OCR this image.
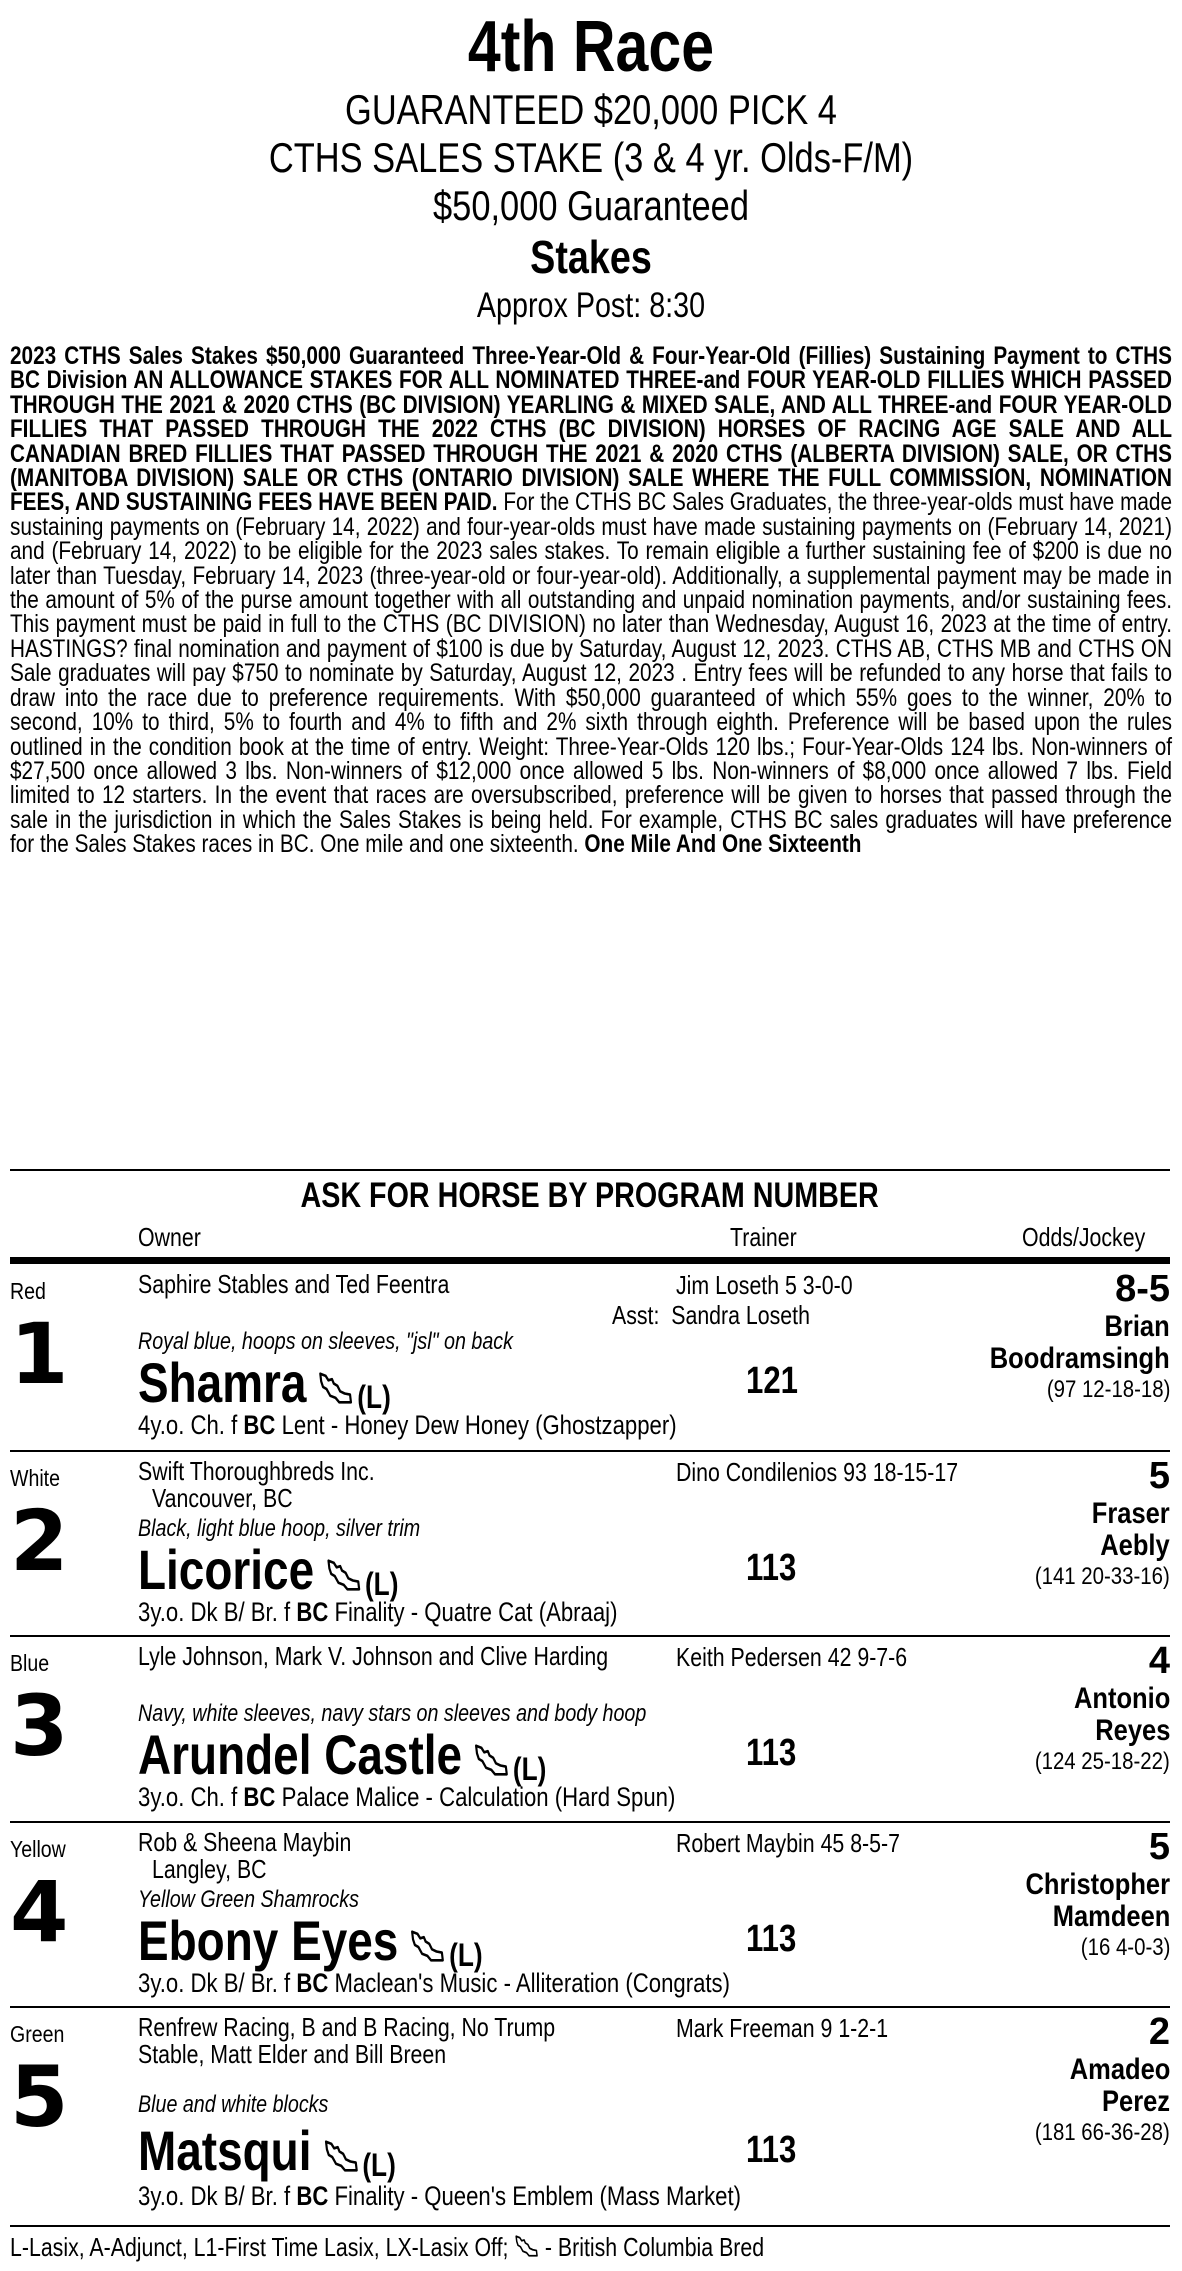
4th Race
GUARANTEED $20,000 PICK 4
CTHS SALES STAKE (3 & 4 yr. Olds-F/M)
$50,000 Guaranteed
Stakes
Approx Post: 8:30
2023 CTHS Sales Stakes $50,000 Guaranteed Three-Year-Old & Four-Year-Old (Fillies) Sustaining Payment to CTHS BC Division AN ALLOWANCE STAKES FOR ALL NOMINATED THREE-and FOUR YEAR-OLD FILLIES WHICH PASSED THROUGH THE 2021 & 2020 CTHS (BC DIVISION) YEARLING & MIXED SALE, AND ALL THREE-and FOUR YEAR-OLD FILLIES THAT PASSED THROUGH THE 2022 CTHS (BC DIVISION) HORSES OF RACING AGE SALE AND ALL CANADIAN BRED FILLIES THAT PASSED THROUGH THE 2021 & 2020 CTHS (ALBERTA DIVISION) SALE, OR CTHS (MANITOBA DIVISION) SALE OR CTHS (ONTARIO DIVISION) SALE WHERE THE FULL COMMISSION, NOMINATION FEES, AND SUSTAINING FEES HAVE BEEN PAID. For the CTHS BC Sales Graduates, the three-year-olds must have made sustaining payments on (February 14, 2022) and four-year-olds must have made sustaining payments on (February 14, 2021) and (February 14, 2022) to be eligible for the 2023 sales stakes. To remain eligible a further sustaining fee of $200 is due no later than Tuesday, February 14, 2023 (three-year-old or four-year-old). Additionally, a supplemental payment may be made in the amount of 5% of the purse amount together with all outstanding and unpaid nomination payments, and/or sustaining fees. This payment must be paid in full to the CTHS (BC DIVISION) no later than Wednesday, August 16, 2023 at the time of entry. HASTINGS? final nomination and payment of $100 is due by Saturday, August 12, 2023. CTHS AB, CTHS MB and CTHS ON Sale graduates will pay $750 to nominate by Saturday, August 12, 2023 . Entry fees will be refunded to any horse that fails to draw into the race due to preference requirements. With $50,000 guaranteed of which 55% goes to the winner, 20% to second, 10% to third, 5% to fourth and 4% to fifth and 2% sixth through eighth. Preference will be based upon the rules outlined in the condition book at the time of entry. Weight: Three-Year-Olds 120 lbs.; Four-Year-Olds 124 lbs. Non-winners of $27,500 once allowed 3 lbs. Non-winners of $12,000 once allowed 5 lbs. Non-winners of $8,000 once allowed 7 lbs. Field limited to 12 starters. In the event that races are oversubscribed, preference will be given to horses that passed through the sale in the jurisdiction in which the Sales Stakes is being held. For example, CTHS BC sales graduates will have preference for the Sales Stakes races in BC. One mile and one sixteenth. One Mile And One Sixteenth
ASK FOR HORSE BY PROGRAM NUMBER
Owner	Trainer	Odds/Jockey
Red
1
Saphire Stables and Ted Feentra
Royal blue, hoops on sleeves, "jsl" on back
Shamra (L)
4y.o. Ch. f BC Lent - Honey Dew Honey (Ghostzapper)
Jim Loseth 5 3-0-0
Asst: Sandra Loseth
121
8-5
Brian
Boodramsingh
(97 12-18-18)
White
2
Swift Thoroughbreds Inc.
Vancouver, BC
Black, light blue hoop, silver trim
Licorice (L)
3y.o. Dk B/ Br. f BC Finality - Quatre Cat (Abraaj)
Dino Condilenios 93 18-15-17
113
5
Fraser
Aebly
(141 20-33-16)
Blue
3
Lyle Johnson, Mark V. Johnson and Clive Harding
Navy, white sleeves, navy stars on sleeves and body hoop
Arundel Castle (L)
3y.o. Ch. f BC Palace Malice - Calculation (Hard Spun)
Keith Pedersen 42 9-7-6
113
4
Antonio
Reyes
(124 25-18-22)
Yellow
4
Rob & Sheena Maybin
Langley, BC
Yellow Green Shamrocks
Ebony Eyes (L)
3y.o. Dk B/ Br. f BC Maclean's Music - Alliteration (Congrats)
Robert Maybin 45 8-5-7
113
5
Christopher
Mamdeen
(16 4-0-3)
Green
5
Renfrew Racing, B and B Racing, No Trump
Stable, Matt Elder and Bill Breen
Blue and white blocks
Matsqui (L)
3y.o. Dk B/ Br. f BC Finality - Queen's Emblem (Mass Market)
Mark Freeman 9 1-2-1
113
2
Amadeo
Perez
(181 66-36-28)
L-Lasix, A-Adjunct, L1-First Time Lasix, LX-Lasix Off; - British Columbia Bred
